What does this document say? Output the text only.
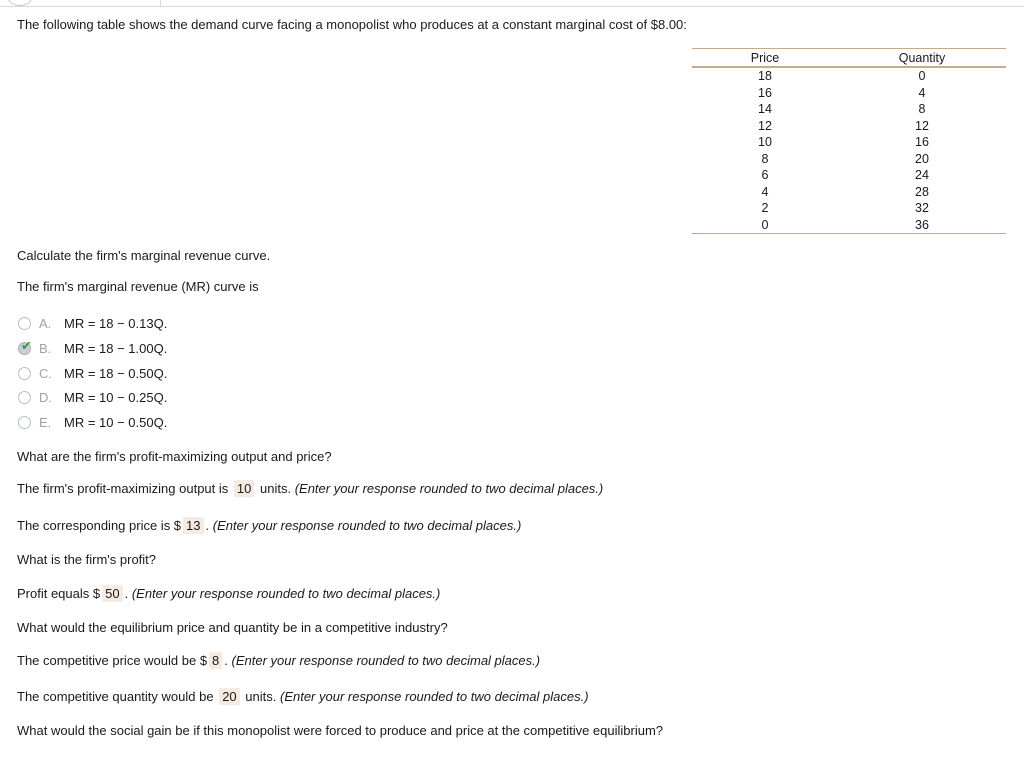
The following table shows the demand curve facing a monopolist who produces at a constant marginal cost of $8.00:
Price	Quantity
18	0
16	4
14	8
12	12
10	16
8	20
6	24
4	28
2	32
0	36
Calculate the firm's marginal revenue curve.
The firm's marginal revenue (MR) curve is
A. MR = 18 − 0.13Q.
✔ B. MR = 18 − 1.00Q.
C. MR = 18 − 0.50Q.
D. MR = 10 − 0.25Q.
E. MR = 10 − 0.50Q.
What are the firm's profit-maximizing output and price?
The firm's profit-maximizing output is 10 units. (Enter your response rounded to two decimal places.)
The corresponding price is $ 13 . (Enter your response rounded to two decimal places.)
What is the firm's profit?
Profit equals $ 50 . (Enter your response rounded to two decimal places.)
What would the equilibrium price and quantity be in a competitive industry?
The competitive price would be $ 8 . (Enter your response rounded to two decimal places.)
The competitive quantity would be 20 units. (Enter your response rounded to two decimal places.)
What would the social gain be if this monopolist were forced to produce and price at the competitive equilibrium?
